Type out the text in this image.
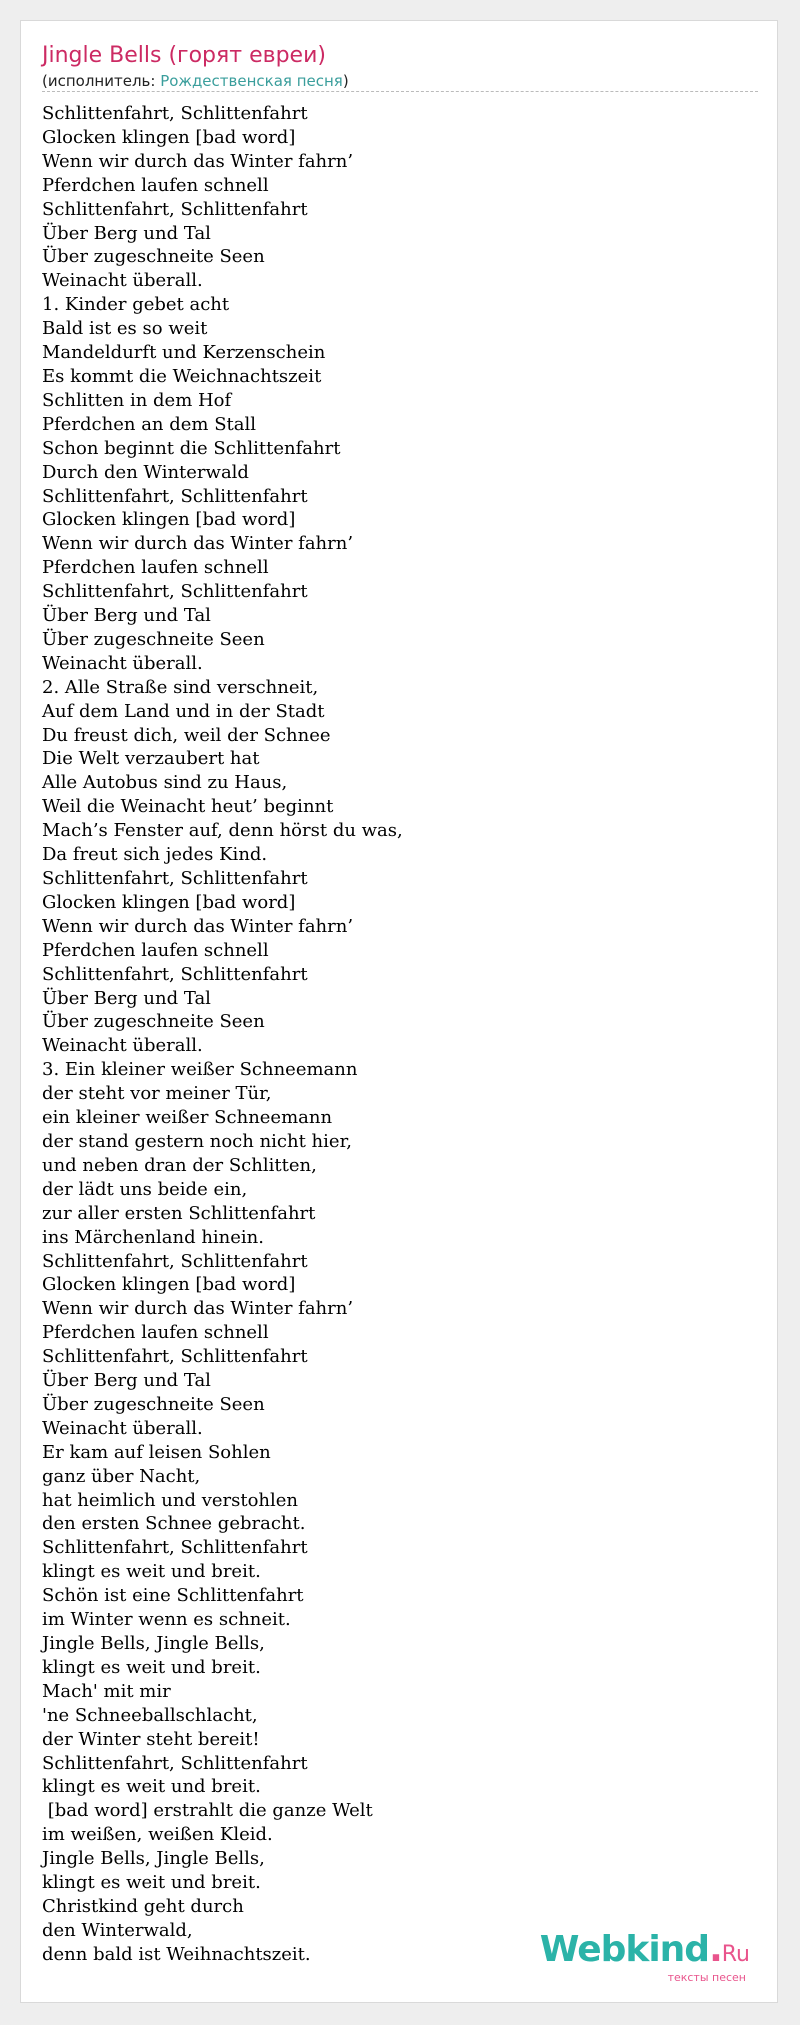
Jingle Bells (горят евреи)
(исполнитель: Рождественская песня)
Schlittenfahrt, Schlittenfahrt
Glocken klingen [bad word]
Wenn wir durch das Winter fahrn’
Pferdchen laufen schnell
Schlittenfahrt, Schlittenfahrt
Über Berg und Tal
Über zugeschneite Seen
Weinacht überall.
1. Kinder gebet acht
Bald ist es so weit
Mandeldurft und Kerzenschein
Es kommt die Weichnachtszeit
Schlitten in dem Hof
Pferdchen an dem Stall
Schon beginnt die Schlittenfahrt
Durch den Winterwald
Schlittenfahrt, Schlittenfahrt
Glocken klingen [bad word]
Wenn wir durch das Winter fahrn’
Pferdchen laufen schnell
Schlittenfahrt, Schlittenfahrt
Über Berg und Tal
Über zugeschneite Seen
Weinacht überall.
2. Alle Straße sind verschneit,
Auf dem Land und in der Stadt
Du freust dich, weil der Schnee
Die Welt verzaubert hat
Alle Autobus sind zu Haus,
Weil die Weinacht heut’ beginnt
Mach’s Fenster auf, denn hörst du was,
Da freut sich jedes Kind.
Schlittenfahrt, Schlittenfahrt
Glocken klingen [bad word]
Wenn wir durch das Winter fahrn’
Pferdchen laufen schnell
Schlittenfahrt, Schlittenfahrt
Über Berg und Tal
Über zugeschneite Seen
Weinacht überall.
3. Ein kleiner weißer Schneemann
der steht vor meiner Tür,
ein kleiner weißer Schneemann
der stand gestern noch nicht hier,
und neben dran der Schlitten,
der lädt uns beide ein,
zur aller ersten Schlittenfahrt
ins Märchenland hinein.
Schlittenfahrt, Schlittenfahrt
Glocken klingen [bad word]
Wenn wir durch das Winter fahrn’
Pferdchen laufen schnell
Schlittenfahrt, Schlittenfahrt
Über Berg und Tal
Über zugeschneite Seen
Weinacht überall.
Er kam auf leisen Sohlen
ganz über Nacht,
hat heimlich und verstohlen
den ersten Schnee gebracht.
Schlittenfahrt, Schlittenfahrt
klingt es weit und breit.
Schön ist eine Schlittenfahrt
im Winter wenn es schneit.
Jingle Bells, Jingle Bells,
klingt es weit und breit.
Mach' mit mir
'ne Schneeballschlacht,
der Winter steht bereit!
Schlittenfahrt, Schlittenfahrt
klingt es weit und breit.
[bad word] erstrahlt die ganze Welt
im weißen, weißen Kleid.
Jingle Bells, Jingle Bells,
klingt es weit und breit.
Christkind geht durch
den Winterwald,
denn bald ist Weihnachtszeit.	Webkind.Ru
тексты песен
